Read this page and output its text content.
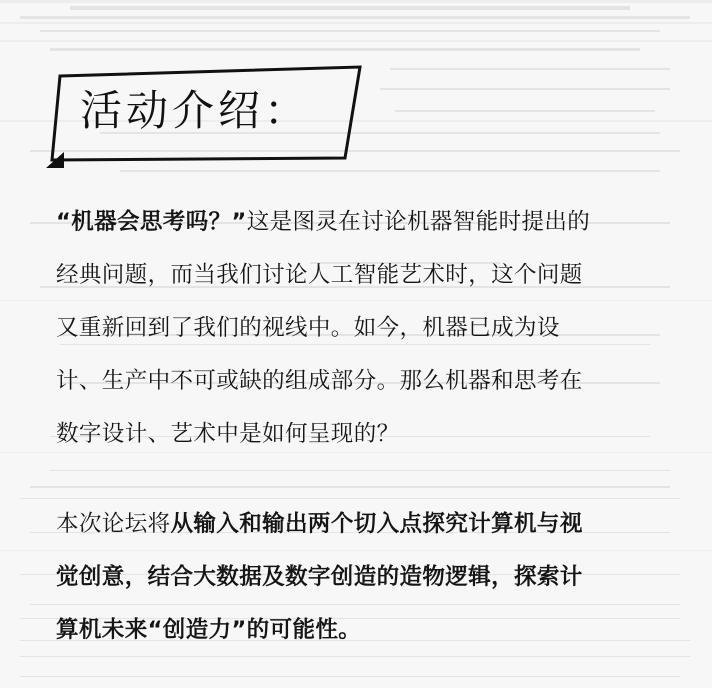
活动介绍：
“机器会思考吗？”这是图灵在讨论机器智能时提出的
经典问题，而当我们讨论人工智能艺术时，这个问题
又重新回到了我们的视线中。如今，机器已成为设
计、生产中不可或缺的组成部分。那么机器和思考在
数字设计、艺术中是如何呈现的？
本次论坛将从输入和输出两个切入点探究计算机与视
觉创意，结合大数据及数字创造的造物逻辑，探索计
算机未来“创造力”的可能性。
